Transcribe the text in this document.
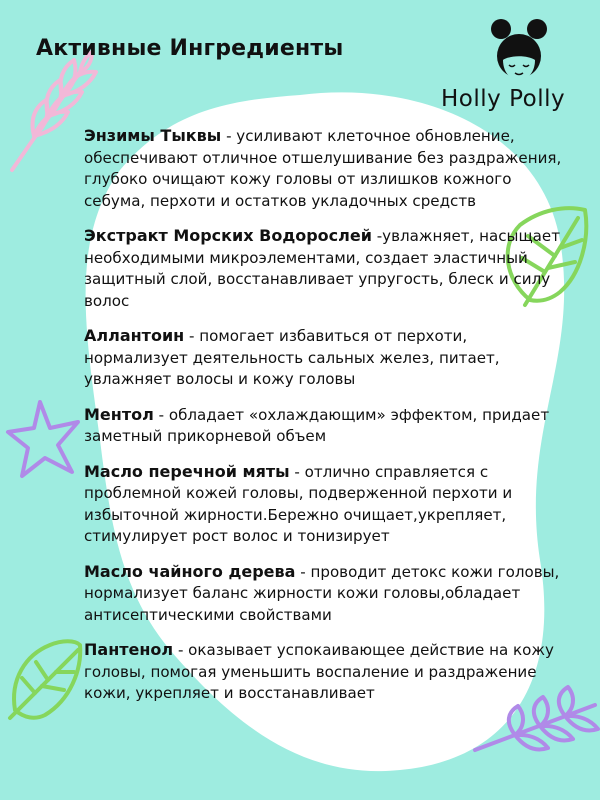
Активные Ингредиенты
Holly Polly

Энзимы Тыквы - усиливают клеточное обновление, обеспечивают отличное отшелушивание без раздражения, глубоко очищают кожу головы от излишков кожного себума, перхоти и остатков укладочных средств

Экстракт Морских Водорослей -увлажняет, насыщает необходимыми микроэлементами, создает эластичный защитный слой, восстанавливает упругость, блеск и силу волос

Аллантоин - помогает избавиться от перхоти, нормализует деятельность сальных желез, питает, увлажняет волосы и кожу головы

Ментол - обладает «охлаждающим» эффектом, придает заметный прикорневой объем

Масло перечной мяты - отлично справляется с проблемной кожей головы, подверженной перхоти и избыточной жирности.Бережно очищает,укрепляет, стимулирует рост волос и тонизирует

Масло чайного дерева - проводит детокс кожи головы, нормализует баланс жирности кожи головы,обладает антисептическими свойствами

Пантенол - оказывает успокаивающее действие на кожу головы, помогая уменьшить воспаление и раздражение кожи, укрепляет и восстанавливает
